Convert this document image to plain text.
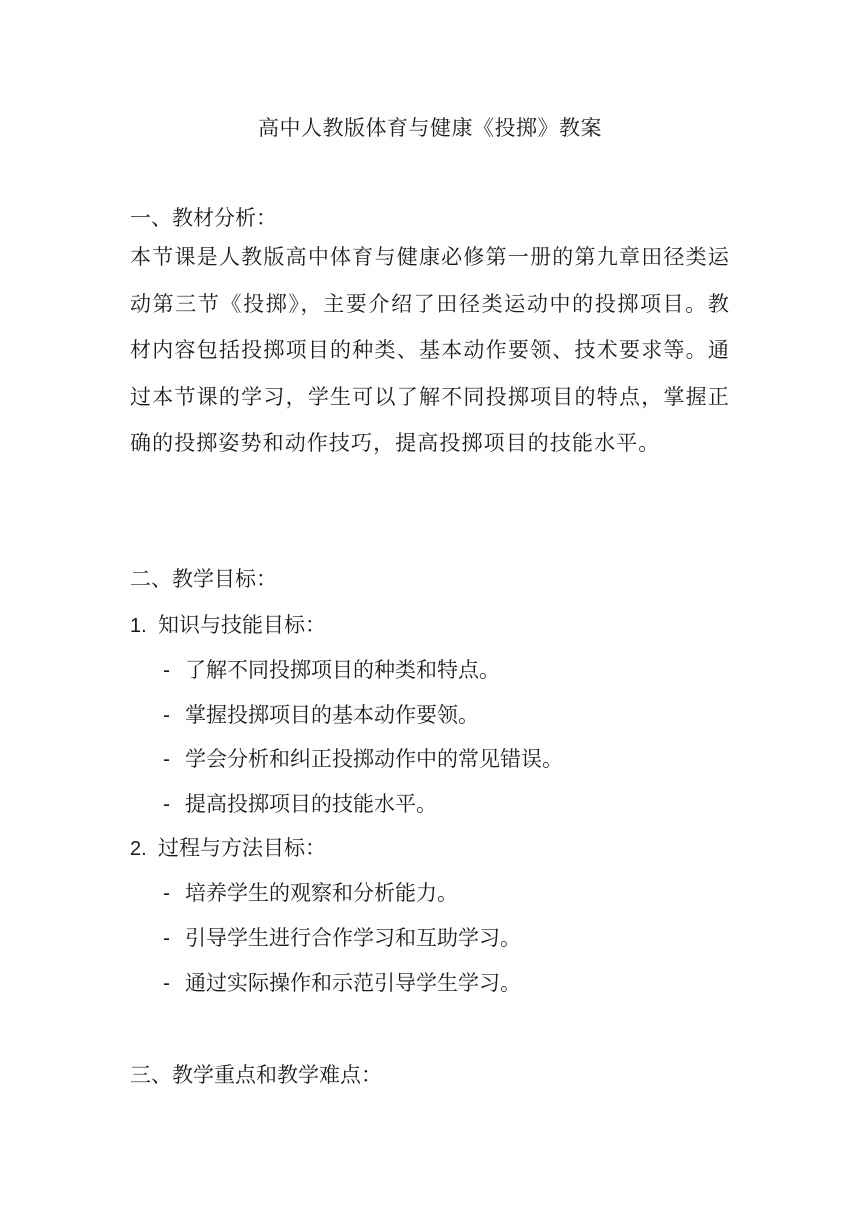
高中人教版体育与健康《投掷》教案
一、教材分析：
本节课是人教版高中体育与健康必修第一册的第九章田径类运动第三节《投掷》，主要介绍了田径类运动中的投掷项目。教材内容包括投掷项目的种类、基本动作要领、技术要求等。通过本节课的学习，学生可以了解不同投掷项目的特点，掌握正确的投掷姿势和动作技巧，提高投掷项目的技能水平。
二、教学目标：
1. 知识与技能目标：
- 了解不同投掷项目的种类和特点。
- 掌握投掷项目的基本动作要领。
- 学会分析和纠正投掷动作中的常见错误。
- 提高投掷项目的技能水平。
2. 过程与方法目标：
- 培养学生的观察和分析能力。
- 引导学生进行合作学习和互助学习。
- 通过实际操作和示范引导学生学习。
三、教学重点和教学难点：
